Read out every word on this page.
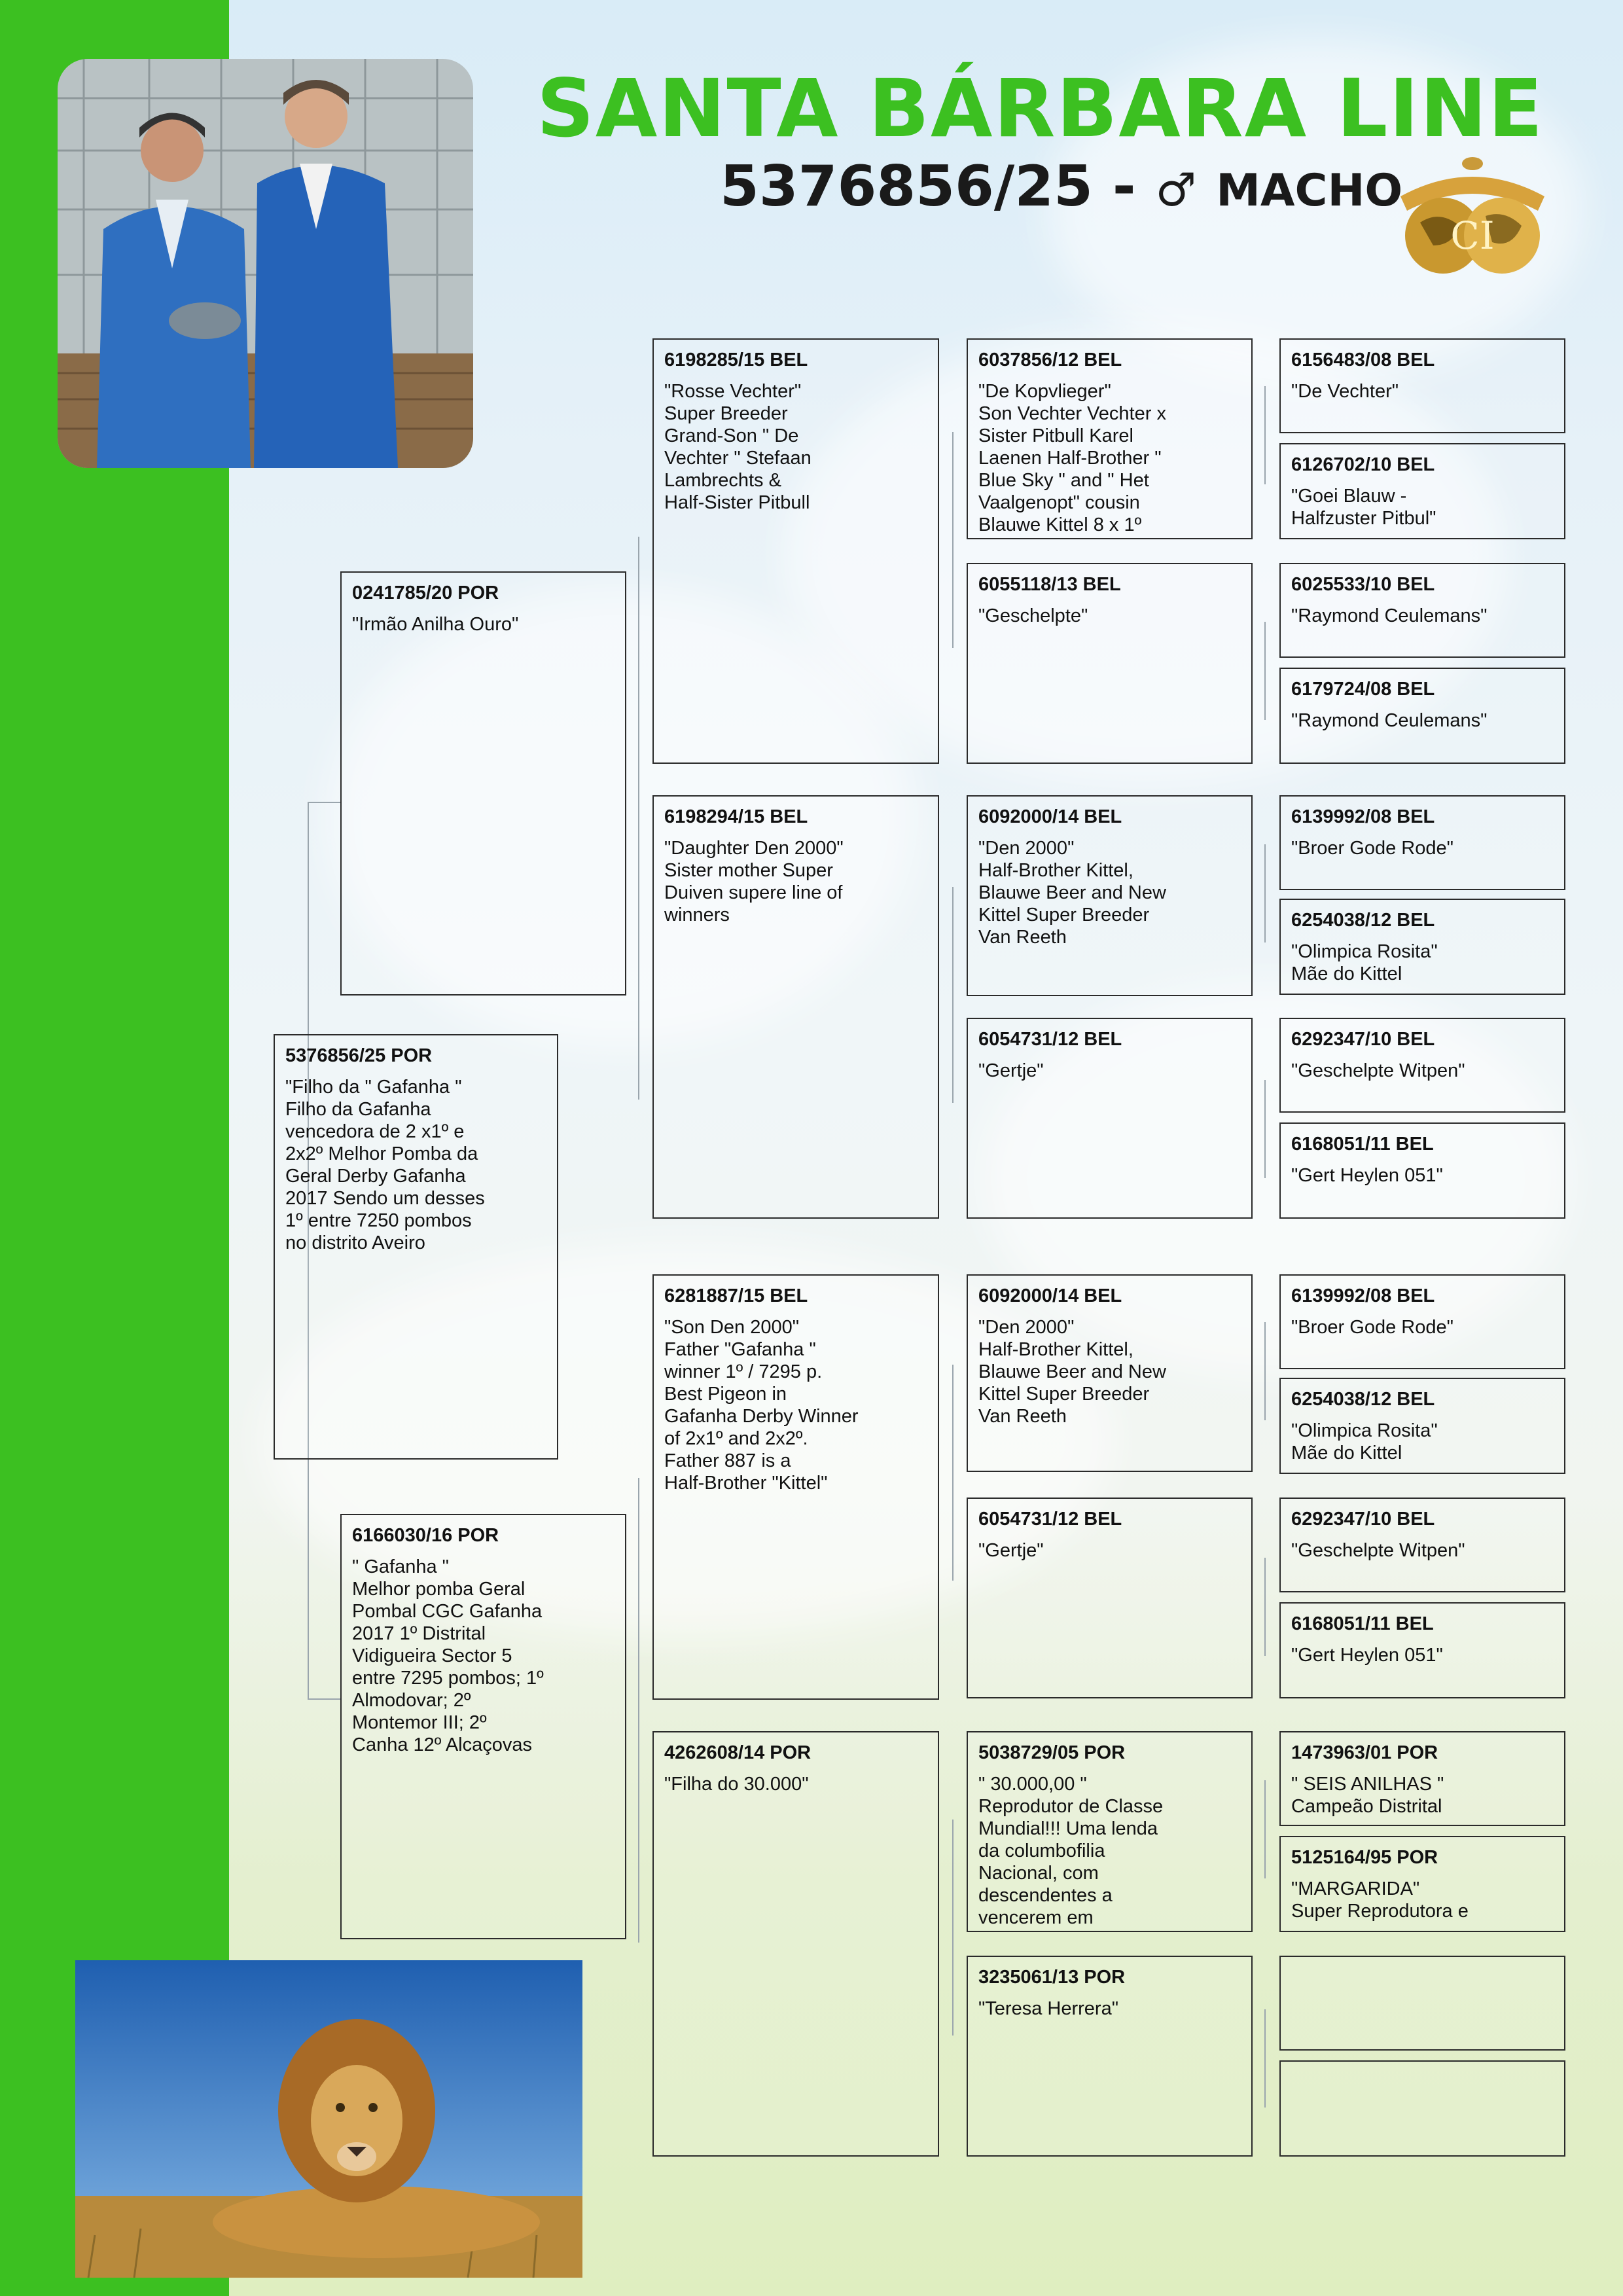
SANTA BÁRBARA LINE
5376856/25 - ♂ MACHO
CI
5376856/25 POR
"Filho da " Gafanha "
Filho da Gafanha
vencedora de 2 x1º e
2x2º Melhor Pomba da
Geral Derby Gafanha
2017 Sendo um desses
1º entre 7250 pombos
no distrito Aveiro
0241785/20 POR
"Irmão Anilha Ouro"
6166030/16 POR
" Gafanha "
Melhor pomba Geral
Pombal CGC Gafanha
2017 1º Distrital
Vidigueira Sector 5
entre 7295 pombos; 1º
Almodovar; 2º
Montemor III; 2º
Canha 12º Alcaçovas
6198285/15 BEL
"Rosse Vechter"
Super Breeder
Grand-Son " De
Vechter " Stefaan
Lambrechts &
Half-Sister Pitbull
6198294/15 BEL
"Daughter Den 2000"
Sister mother Super
Duiven supere line of
winners
6281887/15 BEL
"Son Den 2000"
Father "Gafanha "
winner 1º / 7295 p.
Best Pigeon in
Gafanha Derby Winner
of 2x1º and 2x2º.
Father 887 is a
Half-Brother "Kittel"
4262608/14 POR
"Filha do 30.000"
6037856/12 BEL
"De Kopvlieger"
Son Vechter Vechter x
Sister Pitbull Karel
Laenen Half-Brother "
Blue Sky " and " Het
Vaalgenopt" cousin
Blauwe Kittel 8 x 1º
6055118/13 BEL
"Geschelpte"
6092000/14 BEL
"Den 2000"
Half-Brother Kittel,
Blauwe Beer and New
Kittel Super Breeder
Van Reeth
6054731/12 BEL
"Gertje"
6092000/14 BEL
"Den 2000"
Half-Brother Kittel,
Blauwe Beer and New
Kittel Super Breeder
Van Reeth
6054731/12 BEL
"Gertje"
5038729/05 POR
" 30.000,00 "
Reprodutor de Classe
Mundial!!! Uma lenda
da columbofilia
Nacional, com
descendentes a
vencerem em
3235061/13 POR
"Teresa Herrera"
6156483/08 BEL
"De Vechter"
6126702/10 BEL
"Goei Blauw -
Halfzuster Pitbul"
6025533/10 BEL
"Raymond Ceulemans"
6179724/08 BEL
"Raymond Ceulemans"
6139992/08 BEL
"Broer Gode Rode"
6254038/12 BEL
"Olimpica Rosita"
Mãe do Kittel
6292347/10 BEL
"Geschelpte Witpen"
6168051/11 BEL
"Gert Heylen 051"
6139992/08 BEL
"Broer Gode Rode"
6254038/12 BEL
"Olimpica Rosita"
Mãe do Kittel
6292347/10 BEL
"Geschelpte Witpen"
6168051/11 BEL
"Gert Heylen 051"
1473963/01 POR
" SEIS ANILHAS "
Campeão Distrital
5125164/95 POR
"MARGARIDA"
Super Reprodutora e
